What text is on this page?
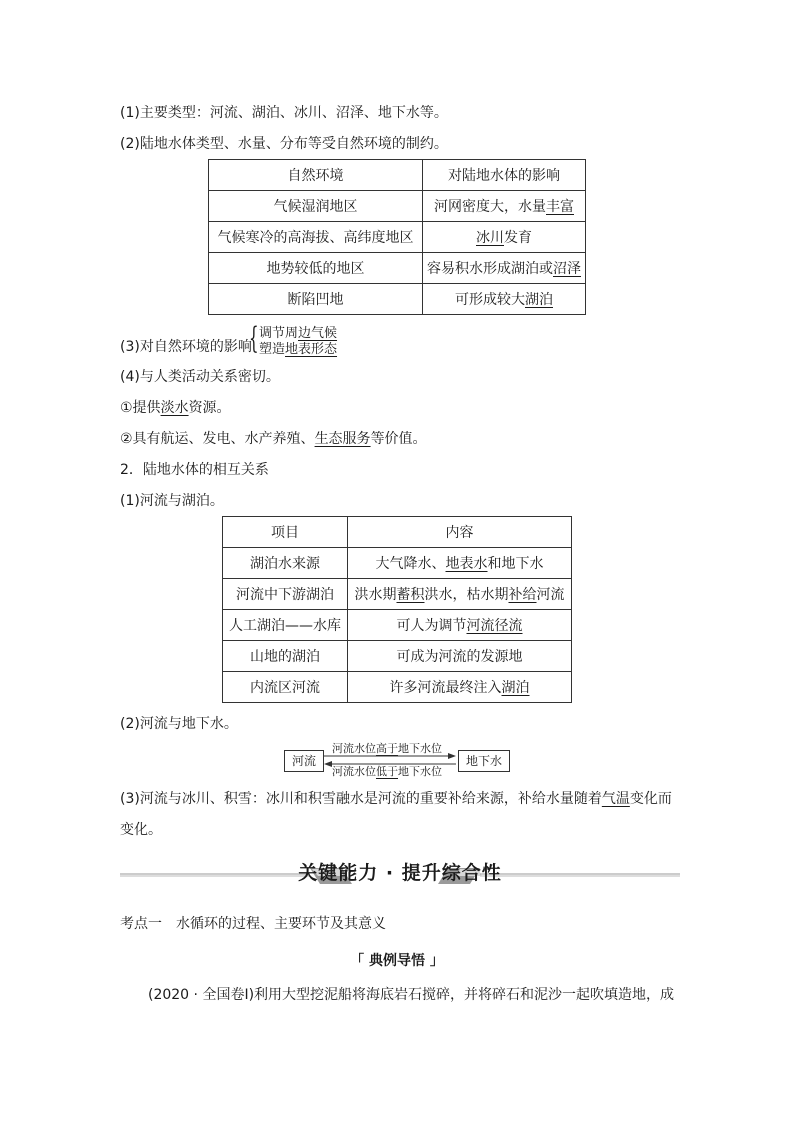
(1)主要类型：河流、湖泊、冰川、沼泽、地下水等。
(2)陆地水体类型、水量、分布等受自然环境的制约。
自然环境	对陆地水体的影响
气候湿润地区	河网密度大，水量丰富
气候寒冷的高海拔、高纬度地区	冰川发育
地势较低的地区	容易积水形成湖泊或沼泽
断陷凹地	可形成较大湖泊
(3)对自然环境的影响
{ 调节周边气候
塑造地表形态
(4)与人类活动关系密切。
①提供淡水资源。
②具有航运、发电、水产养殖、生态服务等价值。
2．陆地水体的相互关系
(1)河流与湖泊。
项目	内容
湖泊水来源	大气降水、地表水和地下水
河流中下游湖泊	洪水期蓄积洪水，枯水期补给河流
人工湖泊——水库	可人为调节河流径流
山地的湖泊	可成为河流的发源地
内流区河流	许多河流最终注入湖泊
(2)河流与地下水。
河流	地下水
河流水位高于地下水位
河流水位低于地下水位
(3)河流与冰川、积雪：冰川和积雪融水是河流的重要补给来源，补给水量随着气温变化而
变化。
关键能力 · 提升综合性
考点一　水循环的过程、主要环节及其意义
「 典例导悟 」
(2020 · 全国卷Ⅰ)利用大型挖泥船将海底岩石搅碎，并将碎石和泥沙一起吹填造地，成
